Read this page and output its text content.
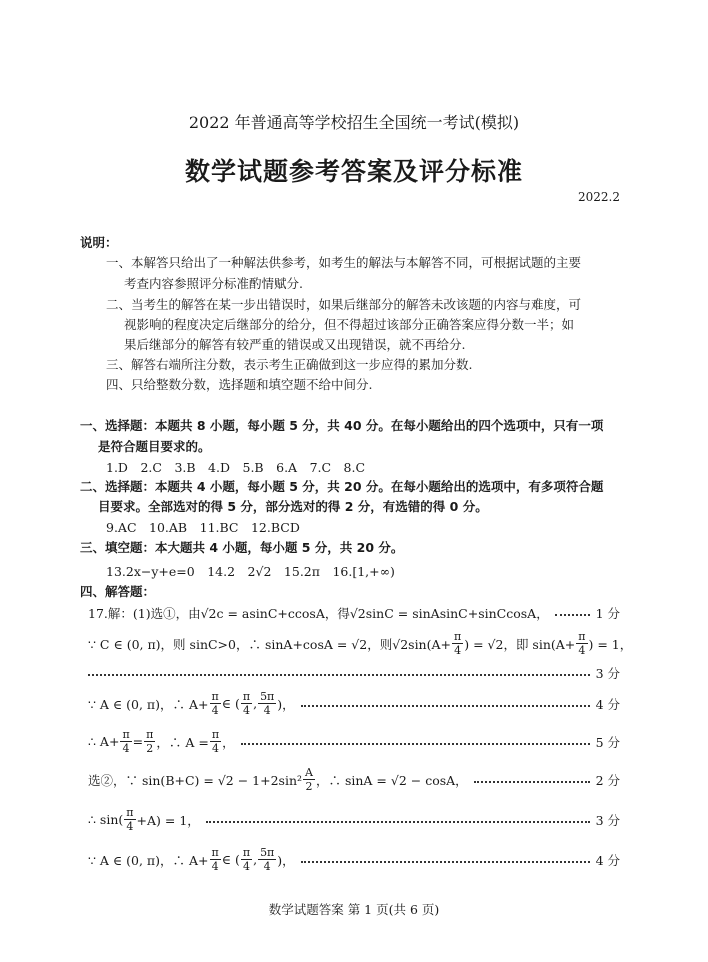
2022 年普通高等学校招生全国统一考试(模拟)
数学试题参考答案及评分标准
2022.2
说明：
一、本解答只给出了一种解法供参考，如考生的解法与本解答不同，可根据试题的主要
考查内容参照评分标准酌情赋分.
二、当考生的解答在某一步出错误时，如果后继部分的解答未改该题的内容与难度，可
视影响的程度决定后继部分的给分，但不得超过该部分正确答案应得分数一半；如
果后继部分的解答有较严重的错误或又出现错误，就不再给分.
三、解答右端所注分数，表示考生正确做到这一步应得的累加分数.
四、只给整数分数，选择题和填空题不给中间分.
一、选择题：本题共 8 小题，每小题 5 分，共 40 分。在每小题给出的四个选项中，只有一项
是符合题目要求的。
1.D　2.C　3.B　4.D　5.B　6.A　7.C　8.C
二、选择题：本题共 4 小题，每小题 5 分，共 20 分。在每小题给出的选项中，有多项符合题
目要求。全部选对的得 5 分，部分选对的得 2 分，有选错的得 0 分。
9.AC　10.AB　11.BC　12.BCD
三、填空题：本大题共 4 小题，每小题 5 分，共 20 分。
13.2x−y+e=0　14.2　2√2　15.2π　16.[1,+∞)
四、解答题：
17.解：(1)选①，由√2c = asinC+ccosA，得√2sinC = sinAsinC+sinCcosA，	1 分
∵ C ∈ (0, π)，则 sinC>0，∴ sinA+cosA = √2，则$√2\sin(A+ \frac{\pi}{4}$ ) = √2，即 $\sin(A+ \frac{\pi}{4}$ ) = 1，
3 分
∵ A ∈ (0, π)，∴ $A+ \frac{\pi}{4}$ ∈ ( $\frac{\pi}{4}$ , $\frac{5\pi}{4}$ )，	4 分
∴ $A+ \frac{\pi}{4} = \frac{\pi}{2}$ ，∴ $A = \frac{\pi}{4}$ ，	5 分
选②，∵ $\sin(B+C) = √2 - 1+2\sin^2 \frac{A}{2}$ ，∴ sinA = √2 − cosA，	2 分
∴ $\sin( \frac{\pi}{4} +A) = 1$，	3 分
∵ A ∈ (0, π)，∴ $A+ \frac{\pi}{4}$ ∈ ( $\frac{\pi}{4}$ , $\frac{5\pi}{4}$ )，	4 分
数学试题答案 第 1 页(共 6 页)
